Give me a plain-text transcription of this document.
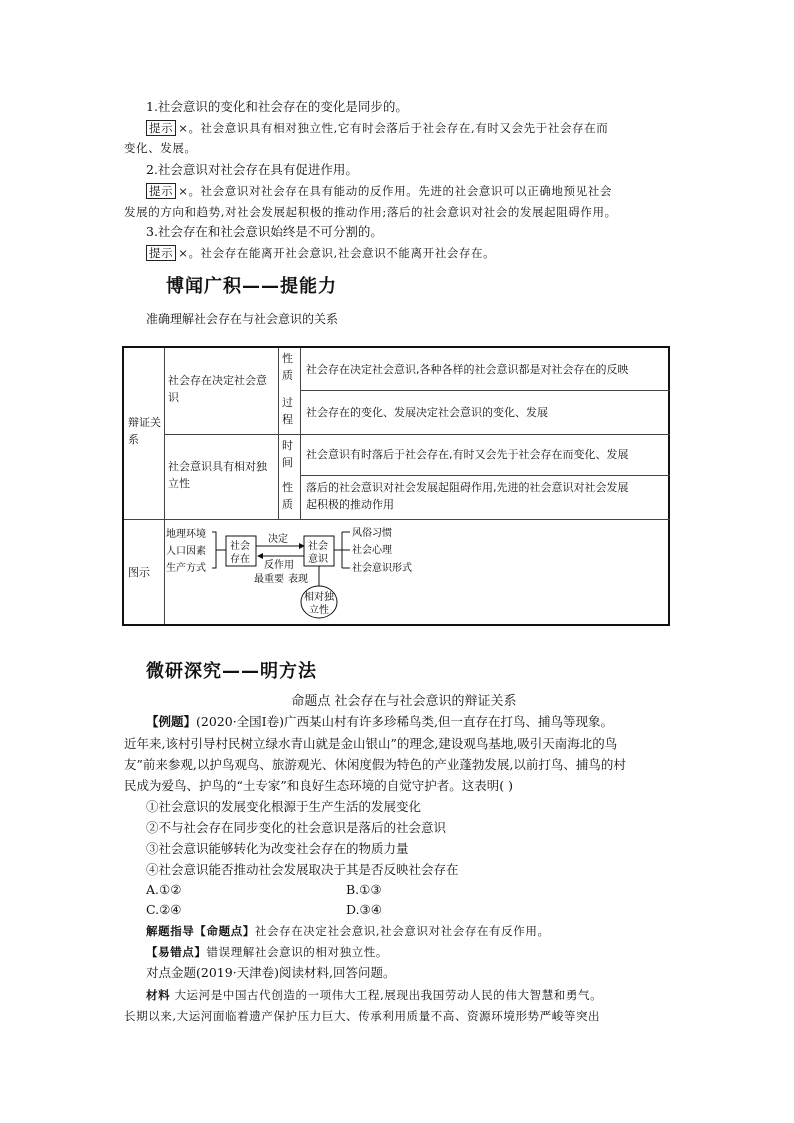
1.社会意识的变化和社会存在的变化是同步的。
提示 ×。社会意识具有相对独立性,它有时会落后于社会存在,有时又会先于社会存在而
变化、发展。
2.社会意识对社会存在具有促进作用。
提示 ×。社会意识对社会存在具有能动的反作用。先进的社会意识可以正确地预见社会
发展的方向和趋势,对社会发展起积极的推动作用;落后的社会意识对社会的发展起阻碍作用。
3.社会存在和社会意识始终是不可分割的。
提示 ×。社会存在能离开社会意识,社会意识不能离开社会存在。
博闻广积——提能力
准确理解社会存在与社会意识的关系
辩证关
系
社会存在决定社会意
识
社会意识具有相对独
立性
性
质
过
程
时
间
性
质
社会存在决定社会意识,各种各样的社会意识都是对社会存在的反映
社会存在的变化、发展决定社会意识的变化、发展
社会意识有时落后于社会存在,有时又会先于社会存在而变化、发展
落后的社会意识对社会发展起阻碍作用,先进的社会意识对社会发展
起积极的推动作用
图示
地理环境
人口因素
生产方式
社会
存在
决定
反作用
社会
意识
风俗习惯
社会心理
社会意识形式
最重要 表现
相对独
立性
微研深究——明方法
命题点 社会存在与社会意识的辩证关系
【例题】(2020·全国Ⅰ卷)广西某山村有许多珍稀鸟类,但一直存在打鸟、捕鸟等现象。
近年来,该村引导村民树立绿水青山就是金山银山”的理念,建设观鸟基地,吸引天南海北的鸟
友”前来参观,以护鸟观鸟、旅游观光、休闲度假为特色的产业蓬勃发展,以前打鸟、捕鸟的村
民成为爱鸟、护鸟的“土专家”和良好生态环境的自觉守护者。这表明( )
①社会意识的发展变化根源于生产生活的发展变化
②不与社会存在同步变化的社会意识是落后的社会意识
③社会意识能够转化为改变社会存在的物质力量
④社会意识能否推动社会发展取决于其是否反映社会存在
A.①②	B.①③
C.②④	D.③④
解题指导【命题点】社会存在决定社会意识,社会意识对社会存在有反作用。
【易错点】错误理解社会意识的相对独立性。
对点金题(2019·天津卷)阅读材料,回答问题。
材料 大运河是中国古代创造的一项伟大工程,展现出我国劳动人民的伟大智慧和勇气。
长期以来,大运河面临着遗产保护压力巨大、传承利用质量不高、资源环境形势严峻等突出
